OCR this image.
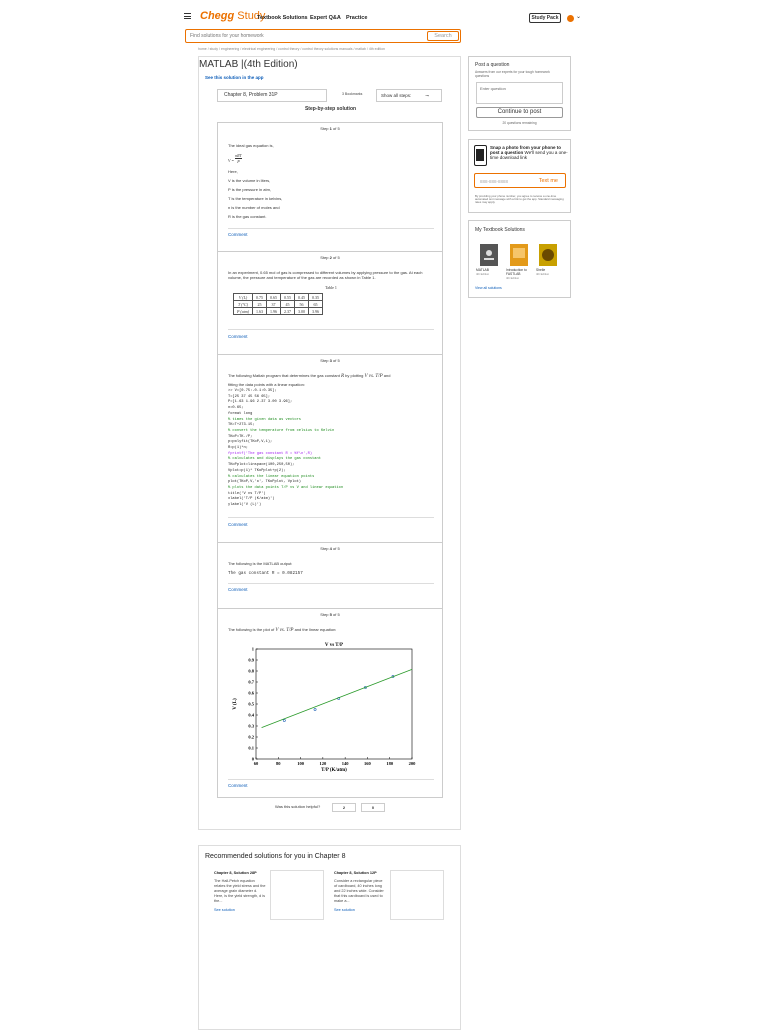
Chegg Study
Textbook Solutions Expert Q&A Practice	Study Pack	⌄
Find solutions for your homework
Search
home / study / engineering / electrical engineering / control theory / control theory solutions manuals / matlab / 4th edition
MATLAB |(4th Edition)
See this solution in the app
Chapter 8, Problem 31P	3 Bookmarks	Show all steps:	⊸
Step-by-step solution
Step 1 of 5
The ideal gas equation is,
V =
nRT
P
Here,
V is the volume in liters,
P is the pressure in atm,
T is the temperature in kelvins,
n is the number of moles and
R is the gas constant.
Comment
Step 2 of 5
In an experiment, 0.65 mol of gas is compressed to different volumes by applying pressure to the gas. At each volume, the pressure and temperature of the gas are recorded as shown in Table 1.
Table 1
V (L)	0.75	0.65	0.55	0.45	0.35
T (°C)	25	37	45	56	65
P (atm)	1.63	1.96	2.37	3.00	3.96
Comment
Step 3 of 5
The following Matlab program that determines the gas constant R by plotting V vs. T/P and
fitting the data points with a linear equation:
>> V=[0.75:-0.1:0.35];
T=[25 37 45 56 65];
P=[1.63 1.96 2.37 3.00 3.96];
n=0.65;
format long
% times the given data as vectors
TK=T+273.15;
% convert the temperature from celsius to Kelvin
TKoP=TK./P;
p=polyfit(TKoP,V,1);
R=p(1)*n;
fprintf('The gas constant R = %f\n',R)
% calculates and displays the gas constant
TKoPplot=linspace(100,250,50);
Vplot=p(1)* TKoPplot+p(2);
% calculates the linear equation points
plot(TKoP,V,'o', TKoPplot, Vplot)
% plots the data points T/P vs V and linear equation
title('V vs T/P')
xlabel('T/P (K/atm)')
ylabel('V (L)')
Comment
Step 4 of 5
The following is the MATLAB output:
The gas constant R = 0.082157
Comment
Step 5 of 5
The following is the plot of V vs. T/P and the linear equation:
60	80	100	120	140	160	180	200
0
0.1
0.2
0.3
0.4
0.5
0.6
0.7
0.8
0.9
1
V vs T/P
T/P (K/atm)
V (L)
Comment
Was this solution helpful?	2	0
Post a question
Answers from our experts for your tough homework questions
Enter question
Continue to post
20 questions remaining
Snap a photo from your phone to post a question We'll send you a one-time download link
888-888-8888	Text me
By providing your phone number, you agree to receive a one-time automated text message with a link to get the app. Standard messaging rates may apply.
My Textbook Solutions
MATLAB
4th Edition
Introduction to FASTLAB
4th Edition
Shelle
4th Edition
View all solutions
Recommended solutions for you in Chapter 8
Chapter 8, Solution 28P
The Hall-Petch equation relates the yield stress and the average grain diameter d. Here, is the yield strength, d is the...
See solution
Chapter 8, Solution 12P
Consider a rectangular piece of cardboard, 40 inches long and 22 inches wide. Consider that this cardboard is used to make a...
See solution
